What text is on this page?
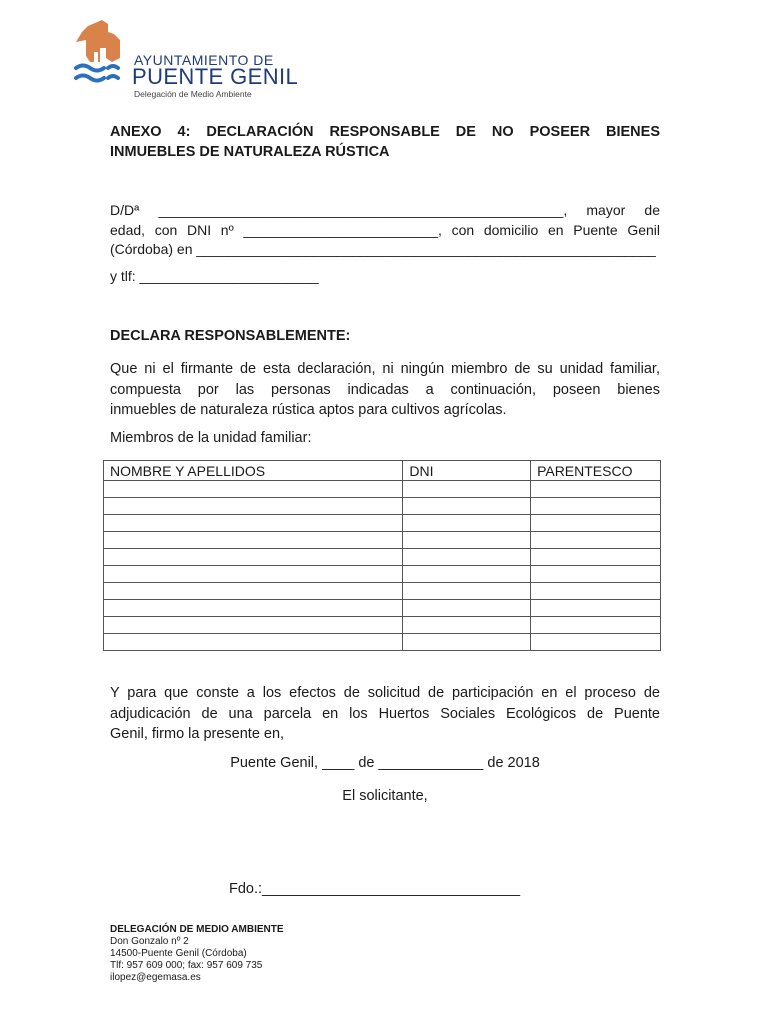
AYUNTAMIENTO DE
PUENTE GENIL
Delegación de Medio Ambiente
ANEXO 4: DECLARACIÓN RESPONSABLE DE NO POSEER BIENES
INMUEBLES DE NATURALEZA RÚSTICA
D/Dª ____________________________________________________, mayor de
edad, con DNI nº _________________________, con domicilio en Puente Genil
(Córdoba) en ___________________________________________________________
y tlf: _______________________
DECLARA RESPONSABLEMENTE:
Que ni el firmante de esta declaración, ni ningún miembro de su unidad familiar,
compuesta por las personas indicadas a continuación, poseen bienes
inmuebles de naturaleza rústica aptos para cultivos agrícolas.
Miembros de la unidad familiar:
NOMBRE Y APELLIDOS	DNI	PARENTESCO

Y para que conste a los efectos de solicitud de participación en el proceso de
adjudicación de una parcela en los Huertos Sociales Ecológicos de Puente
Genil, firmo la presente en,
Puente Genil, ____ de _____________ de 2018
El solicitante,
Fdo.:________________________________
DELEGACIÓN DE MEDIO AMBIENTE
Don Gonzalo nº 2
14500-Puente Genil (Córdoba)
Tlf: 957 609 000; fax: 957 609 735
ilopez@egemasa.es
